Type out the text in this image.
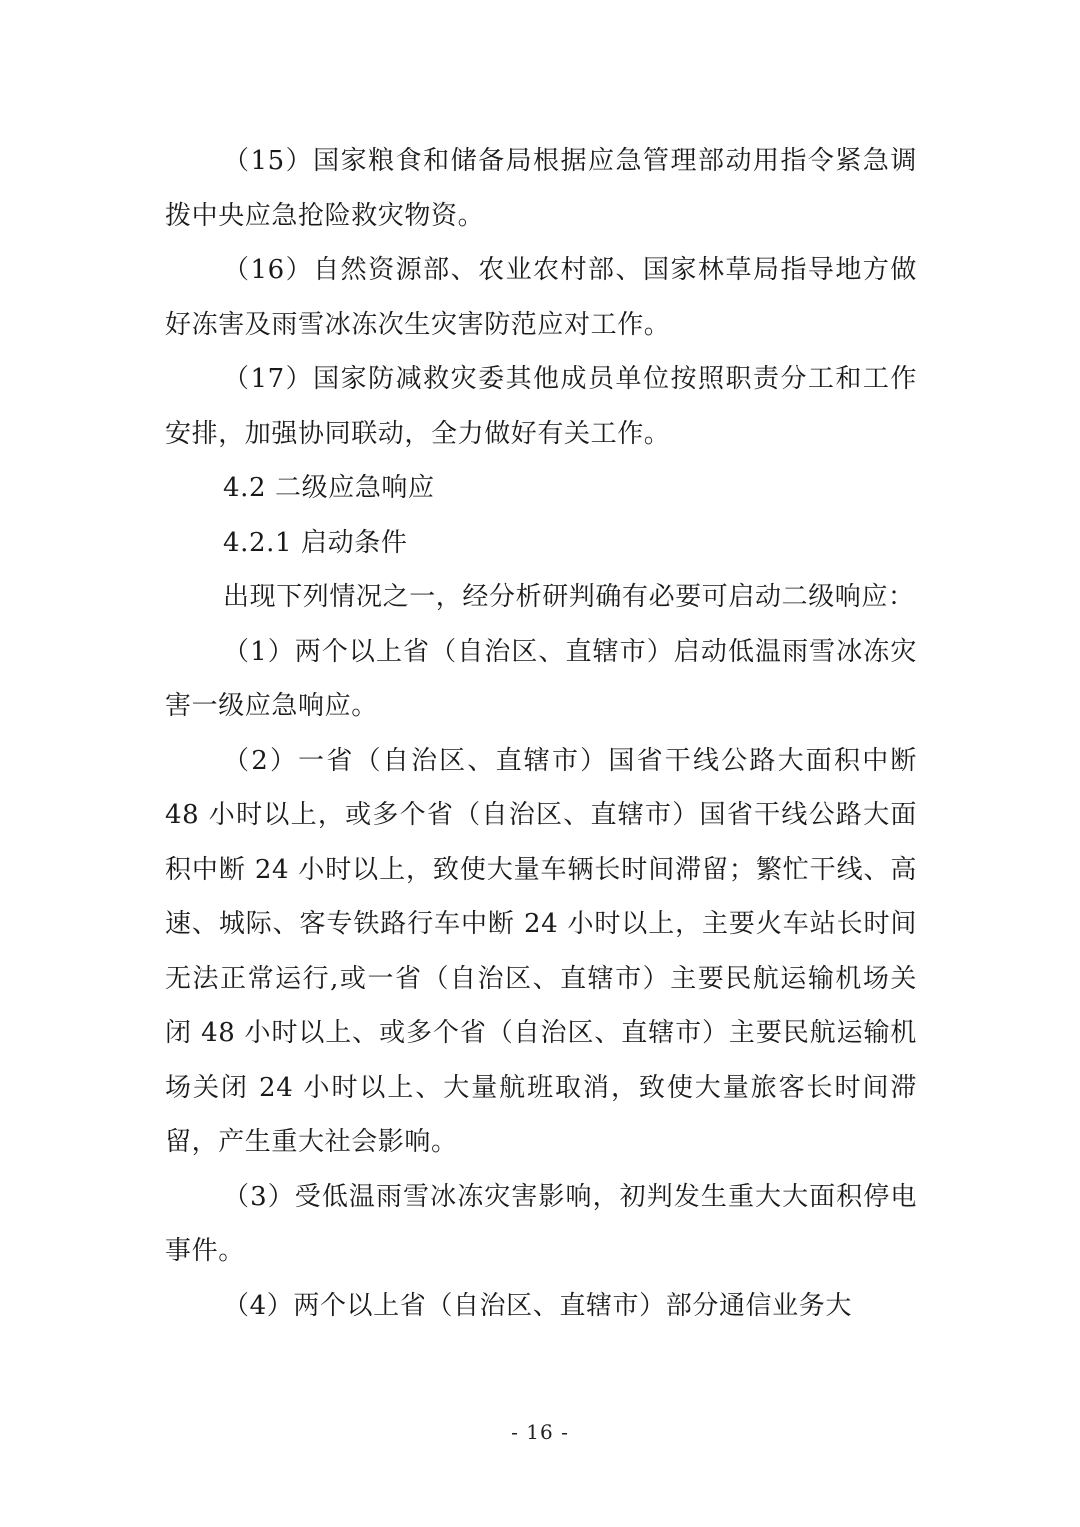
（15）国家粮食和储备局根据应急管理部动用指令紧急调拨中央应急抢险救灾物资。

（16）自然资源部、农业农村部、国家林草局指导地方做好冻害及雨雪冰冻次生灾害防范应对工作。

（17）国家防减救灾委其他成员单位按照职责分工和工作安排，加强协同联动，全力做好有关工作。

4.2 二级应急响应

4.2.1 启动条件

出现下列情况之一，经分析研判确有必要可启动二级响应：

（1）两个以上省（自治区、直辖市）启动低温雨雪冰冻灾害一级应急响应。

（2）一省（自治区、直辖市）国省干线公路大面积中断 48 小时以上，或多个省（自治区、直辖市）国省干线公路大面积中断 24 小时以上，致使大量车辆长时间滞留；繁忙干线、高速、城际、客专铁路行车中断 24 小时以上，主要火车站长时间无法正常运行,或一省（自治区、直辖市）主要民航运输机场关闭 48 小时以上、或多个省（自治区、直辖市）主要民航运输机场关闭 24 小时以上、大量航班取消，致使大量旅客长时间滞留，产生重大社会影响。

（3）受低温雨雪冰冻灾害影响，初判发生重大大面积停电事件。

（4）两个以上省（自治区、直辖市）部分通信业务大

- 16 -
